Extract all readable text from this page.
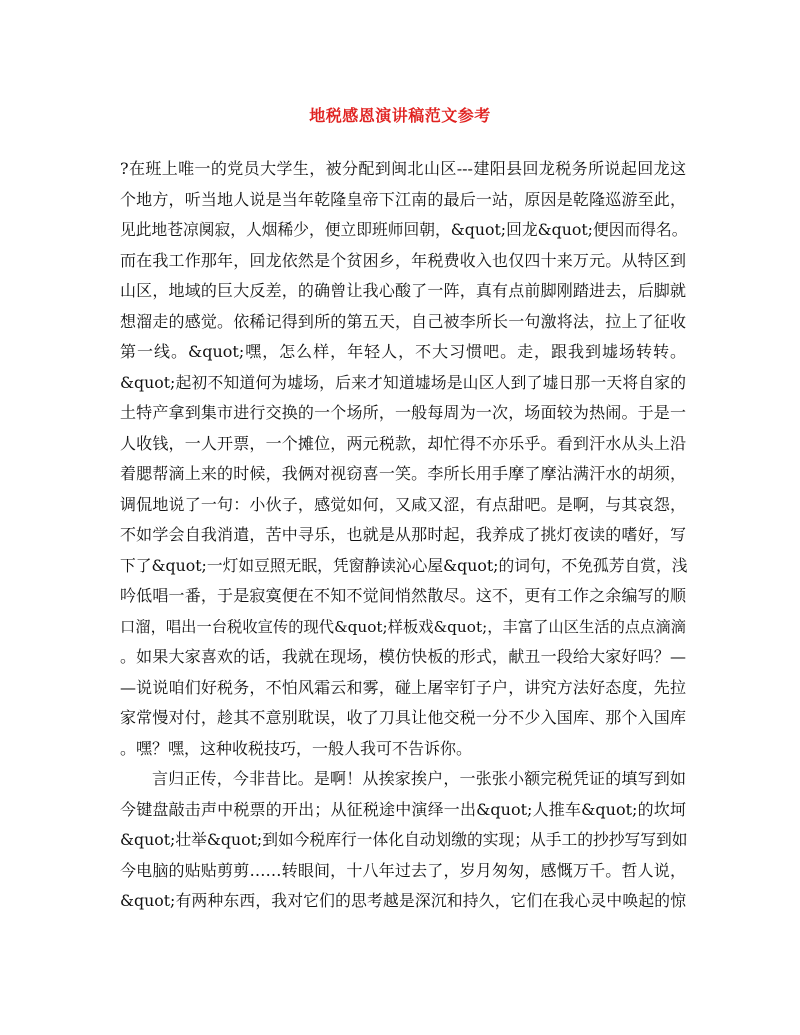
地税感恩演讲稿范文参考
?在班上唯一的党员大学生，被分配到闽北山区---建阳县回龙税务所说起回龙这
个地方，听当地人说是当年乾隆皇帝下江南的最后一站，原因是乾隆巡游至此，
见此地苍凉阒寂，人烟稀少，便立即班师回朝，&quot;回龙&quot;便因而得名。
而在我工作那年，回龙依然是个贫困乡，年税费收入也仅四十来万元。从特区到
山区，地域的巨大反差，的确曾让我心酸了一阵，真有点前脚刚踏进去，后脚就
想溜走的感觉。依稀记得到所的第五天，自己被李所长一句激将法，拉上了征收
第一线。&quot;嘿，怎么样，年轻人，不大习惯吧。走，跟我到墟场转转。
&quot;起初不知道何为墟场，后来才知道墟场是山区人到了墟日那一天将自家的
土特产拿到集市进行交换的一个场所，一般每周为一次，场面较为热闹。于是一
人收钱，一人开票，一个摊位，两元税款，却忙得不亦乐乎。看到汗水从头上沿
着腮帮滴上来的时候，我俩对视窃喜一笑。李所长用手摩了摩沾满汗水的胡须，
调侃地说了一句：小伙子，感觉如何，又咸又涩，有点甜吧。是啊，与其哀怨，
不如学会自我消遣，苦中寻乐，也就是从那时起，我养成了挑灯夜读的嗜好，写
下了&quot;一灯如豆照无眠，凭窗静读沁心屋&quot;的词句，不免孤芳自赏，浅
吟低唱一番，于是寂寞便在不知不觉间悄然散尽。这不，更有工作之余编写的顺
口溜，唱出一台税收宣传的现代&quot;样板戏&quot;，丰富了山区生活的点点滴滴
。如果大家喜欢的话，我就在现场，模仿快板的形式，献丑一段给大家好吗？—
—说说咱们好税务，不怕风霜云和雾，碰上屠宰钉子户，讲究方法好态度，先拉
家常慢对付，趁其不意别耽误，收了刀具让他交税一分不少入国库、那个入国库
。嘿？嘿，这种收税技巧，一般人我可不告诉你。
言归正传，今非昔比。是啊！从挨家挨户，一张张小额完税凭证的填写到如
今键盘敲击声中税票的开出；从征税途中演绎一出&quot;人推车&quot;的坎坷
&quot;壮举&quot;到如今税库行一体化自动划缴的实现；从手工的抄抄写写到如
今电脑的贴贴剪剪……转眼间，十八年过去了，岁月匆匆，感慨万千。哲人说，
&quot;有两种东西，我对它们的思考越是深沉和持久，它们在我心灵中唤起的惊
